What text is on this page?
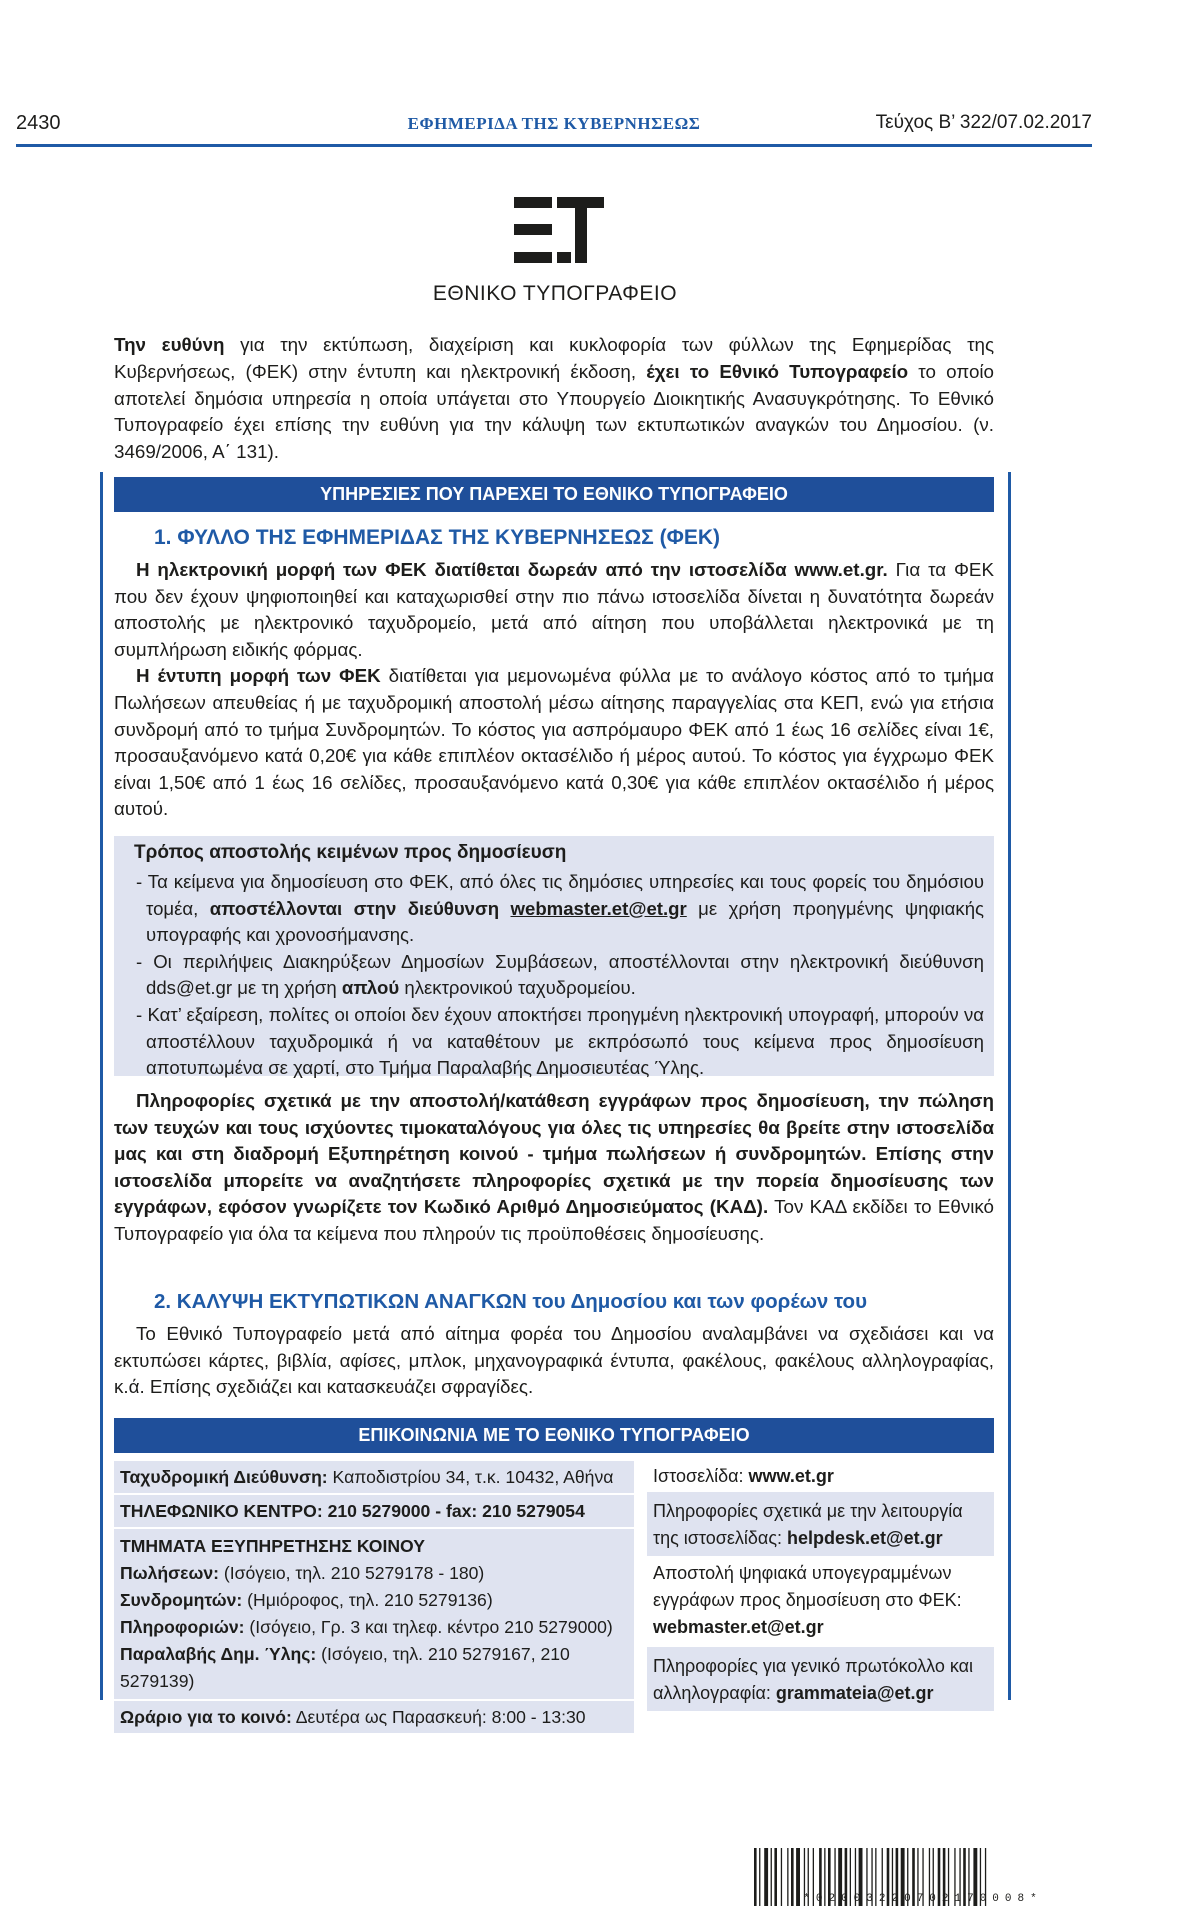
2430	ΕΦΗΜΕΡΙΔΑ ΤΗΣ ΚΥΒΕΡΝΗΣΕΩΣ	Τεύχος Β’ 322/07.02.2017
ΕΘΝΙΚΟ ΤΥΠΟΓΡΑΦΕΙΟ
Την ευθύνη για την εκτύπωση, διαχείριση και κυκλοφορία των φύλλων της Εφημερίδας της Κυβερνήσεως, (ΦΕΚ) στην έντυπη και ηλεκτρονική έκδοση, έχει το Εθνικό Τυπογραφείο το οποίο αποτελεί δημόσια υπηρεσία η οποία υπάγεται στο Υπουργείο Διοικητικής Ανασυγκρότησης. Το Εθνικό Τυπογραφείο έχει επίσης την ευθύνη για την κάλυψη των εκτυπωτικών αναγκών του Δημοσίου. (ν. 3469/2006, Α΄ 131).
ΥΠΗΡΕΣΙΕΣ ΠΟΥ ΠΑΡΕΧΕΙ ΤΟ ΕΘΝΙΚΟ ΤΥΠΟΓΡΑΦΕΙΟ
1. ΦΥΛΛΟ ΤΗΣ ΕΦΗΜΕΡΙΔΑΣ ΤΗΣ ΚΥΒΕΡΝΗΣΕΩΣ (ΦΕΚ)

Η ηλεκτρονική μορφή των ΦΕΚ διατίθεται δωρεάν από την ιστοσελίδα www.et.gr. Για τα ΦΕΚ που δεν έχουν ψηφιοποιηθεί και καταχωρισθεί στην πιο πάνω ιστοσελίδα δίνεται η δυνατότητα δωρεάν αποστολής με ηλεκτρονικό ταχυδρομείο, μετά από αίτηση που υποβάλλεται ηλεκτρονικά με τη συμπλήρωση ειδικής φόρμας.

Η έντυπη μορφή των ΦΕΚ διατίθεται για μεμονωμένα φύλλα με το ανάλογο κόστος από το τμήμα Πωλήσεων απευθείας ή με ταχυδρομική αποστολή μέσω αίτησης παραγγελίας στα ΚΕΠ, ενώ για ετήσια συνδρομή από το τμήμα Συνδρομητών. Το κόστος για ασπρόμαυρο ΦΕΚ από 1 έως 16 σελίδες είναι 1€, προσαυξανόμενο κατά 0,20€ για κάθε επιπλέον οκτασέλιδο ή μέρος αυτού. Το κόστος για έγχρωμο ΦΕΚ είναι 1,50€ από 1 έως 16 σελίδες, προσαυξανόμενο κατά 0,30€ για κάθε επιπλέον οκτασέλιδο ή μέρος αυτού.

Τρόπος αποστολής κειμένων προς δημοσίευση
- Τα κείμενα για δημοσίευση στο ΦΕΚ, από όλες τις δημόσιες υπηρεσίες και τους φορείς του δημόσιου τομέα, αποστέλλονται στην διεύθυνση webmaster.et@et.gr με χρήση προηγμένης ψηφιακής υπογραφής και χρονοσήμανσης.
- Οι περιλήψεις Διακηρύξεων Δημοσίων Συμβάσεων, αποστέλλονται στην ηλεκτρονική διεύθυνση dds@et.gr με τη χρήση απλού ηλεκτρονικού ταχυδρομείου.
- Κατ’ εξαίρεση, πολίτες οι οποίοι δεν έχουν αποκτήσει προηγμένη ηλεκτρονική υπογραφή, μπορούν να αποστέλλουν ταχυδρομικά ή να καταθέτουν με εκπρόσωπό τους κείμενα προς δημοσίευση αποτυπωμένα σε χαρτί, στο Τμήμα Παραλαβής Δημοσιευτέας Ύλης.

Πληροφορίες σχετικά με την αποστολή/κατάθεση εγγράφων προς δημοσίευση, την πώληση των τευχών και τους ισχύοντες τιμοκαταλόγους για όλες τις υπηρεσίες θα βρείτε στην ιστοσελίδα μας και στη διαδρομή Εξυπηρέτηση κοινού - τμήμα πωλήσεων ή συνδρομητών. Επίσης στην ιστοσελίδα μπορείτε να αναζητήσετε πληροφορίες σχετικά με την πορεία δημοσίευσης των εγγράφων, εφόσον γνωρίζετε τον Κωδικό Αριθμό Δημοσιεύματος (ΚΑΔ). Τον ΚΑΔ εκδίδει το Εθνικό Τυπογραφείο για όλα τα κείμενα που πληρούν τις προϋποθέσεις δημοσίευσης.

2. ΚΑΛΥΨΗ ΕΚΤΥΠΩΤΙΚΩΝ ΑΝΑΓΚΩΝ του Δημοσίου και των φορέων του

Το Εθνικό Τυπογραφείο μετά από αίτημα φορέα του Δημοσίου αναλαμβάνει να σχεδιάσει και να εκτυπώσει κάρτες, βιβλία, αφίσες, μπλοκ, μηχανογραφικά έντυπα, φακέλους, φακέλους αλληλογραφίας, κ.ά. Επίσης σχεδιάζει και κατασκευάζει σφραγίδες.

ΕΠΙΚΟΙΝΩΝΙΑ ΜΕ ΤΟ ΕΘΝΙΚΟ ΤΥΠΟΓΡΑΦΕΙΟ
Ταχυδρομική Διεύθυνση: Καποδιστρίου 34, τ.κ. 10432, Αθήνα
ΤΗΛΕΦΩΝΙΚΟ ΚΕΝΤΡΟ: 210 5279000 - fax: 210 5279054
ΤΜΗΜΑΤΑ ΕΞΥΠΗΡΕΤΗΣΗΣ ΚΟΙΝΟΥ
Πωλήσεων: (Ισόγειο, τηλ. 210 5279178 - 180)
Συνδρομητών: (Ημιόροφος, τηλ. 210 5279136)
Πληροφοριών: (Ισόγειο, Γρ. 3 και τηλεφ. κέντρο 210 5279000)
Παραλαβής Δημ. Ύλης: (Ισόγειο, τηλ. 210 5279167, 210 5279139)
Ωράριο για το κοινό: Δευτέρα ως Παρασκευή: 8:00 - 13:30
Ιστοσελίδα: www.et.gr
Πληροφορίες σχετικά με την λειτουργία της ιστοσελίδας: helpdesk.et@et.gr
Αποστολή ψηφιακά υπογεγραμμένων εγγράφων προς δημοσίευση στο ΦΕΚ: webmaster.et@et.gr
Πληροφορίες για γενικό πρωτόκολλο και αλληλογραφία: grammateia@et.gr
*02003220702170008*
